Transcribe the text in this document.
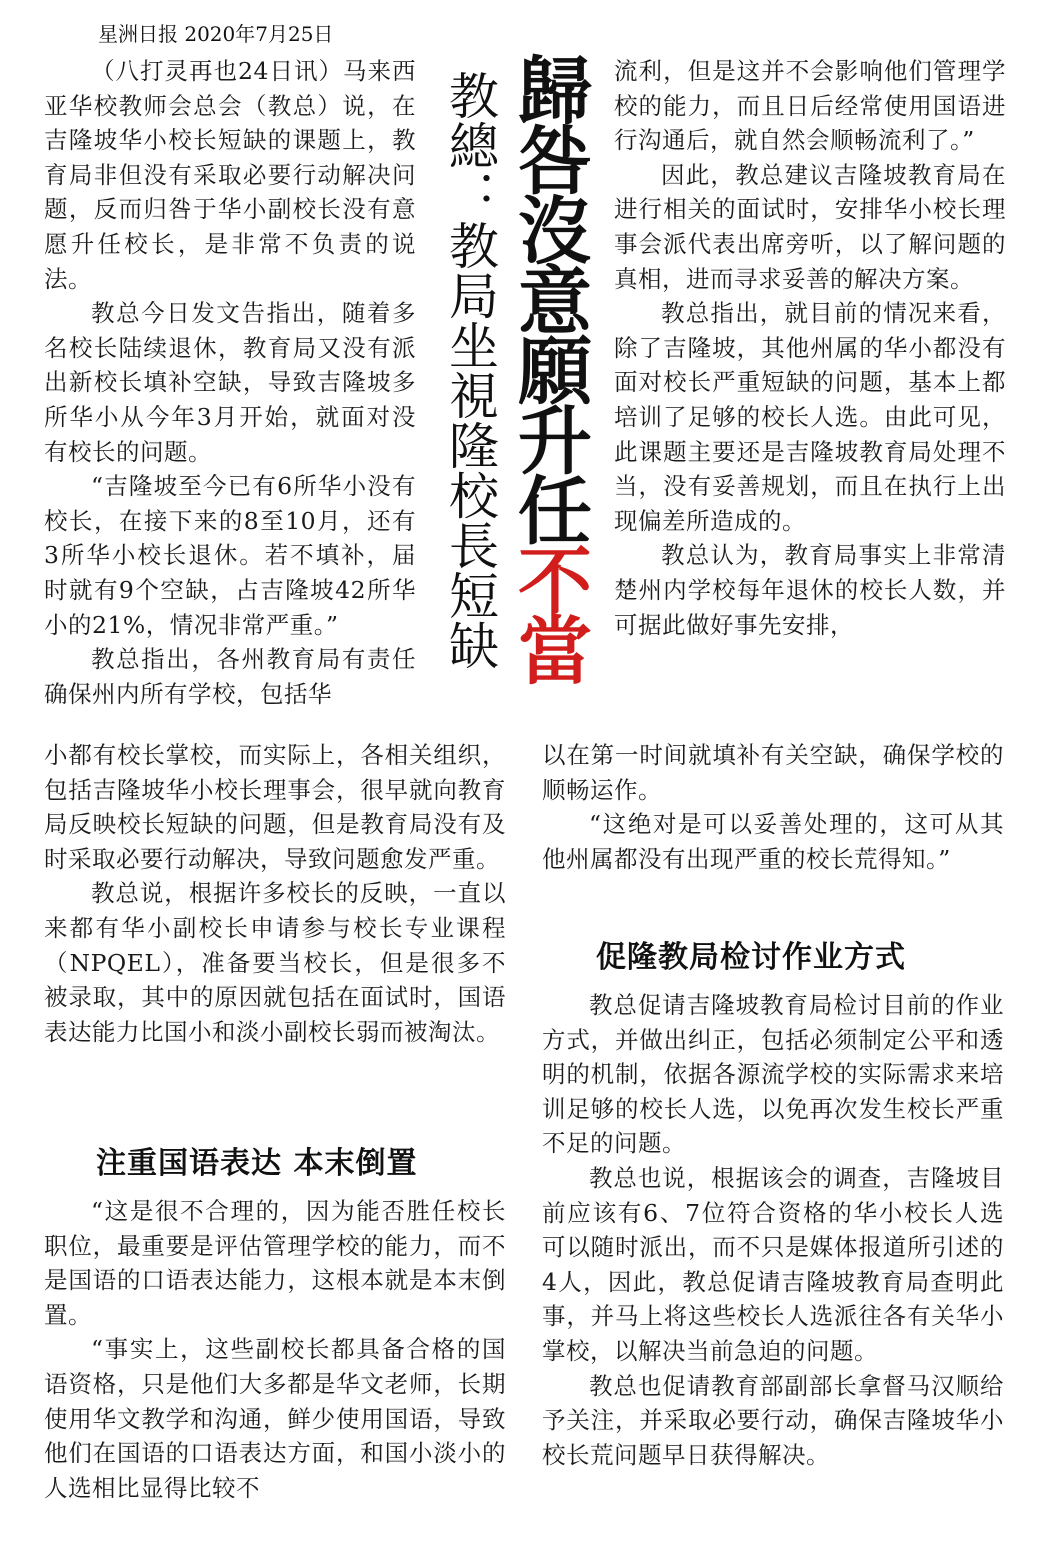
星洲日报 2020年7月25日
教總：教局坐視隆校長短缺 歸咎沒意願升任不當

（八打灵再也24日讯）马来西亚华校教师会总会（教总）说，在吉隆坡华小校长短缺的课题上，教育局非但没有采取必要行动解决问题，反而归咎于华小副校长没有意愿升任校长，是非常不负责的说法。

教总今日发文告指出，随着多名校长陆续退休，教育局又没有派出新校长填补空缺，导致吉隆坡多所华小从今年3月开始，就面对没有校长的问题。

“吉隆坡至今已有6所华小没有校长，在接下来的8至10月，还有3所华小校长退休。若不填补，届时就有9个空缺，占吉隆坡42所华小的21%，情况非常严重。”

教总指出，各州教育局有责任确保州内所有学校，包括华

小都有校长掌校，而实际上，各相关组织，包括吉隆坡华小校长理事会，很早就向教育局反映校长短缺的问题，但是教育局没有及时采取必要行动解决，导致问题愈发严重。

教总说，根据许多校长的反映，一直以来都有华小副校长申请参与校长专业课程（NPQEL），准备要当校长，但是很多不被录取，其中的原因就包括在面试时，国语表达能力比国小和淡小副校长弱而被淘汰。

注重国语表达 本末倒置

“这是很不合理的，因为能否胜任校长职位，最重要是评估管理学校的能力，而不是国语的口语表达能力，这根本就是本末倒置。

“事实上，这些副校长都具备合格的国语资格，只是他们大多都是华文老师，长期使用华文教学和沟通，鲜少使用国语，导致他们在国语的口语表达方面，和国小淡小的人选相比显得比较不

流利，但是这并不会影响他们管理学校的能力，而且日后经常使用国语进行沟通后，就自然会顺畅流利了。”

因此，教总建议吉隆坡教育局在进行相关的面试时，安排华小校长理事会派代表出席旁听，以了解问题的真相，进而寻求妥善的解决方案。

教总指出，就目前的情况来看，除了吉隆坡，其他州属的华小都没有面对校长严重短缺的问题，基本上都培训了足够的校长人选。由此可见，此课题主要还是吉隆坡教育局处理不当，没有妥善规划，而且在执行上出现偏差所造成的。

教总认为，教育局事实上非常清楚州内学校每年退休的校长人数，并可据此做好事先安排，

以在第一时间就填补有关空缺，确保学校的顺畅运作。

“这绝对是可以妥善处理的，这可从其他州属都没有出现严重的校长荒得知。”

促隆教局检讨作业方式

教总促请吉隆坡教育局检讨目前的作业方式，并做出纠正，包括必须制定公平和透明的机制，依据各源流学校的实际需求来培训足够的校长人选，以免再次发生校长严重不足的问题。

教总也说，根据该会的调查，吉隆坡目前应该有6、7位符合资格的华小校长人选可以随时派出，而不只是媒体报道所引述的4人，因此，教总促请吉隆坡教育局查明此事，并马上将这些校长人选派往各有关华小掌校，以解决当前急迫的问题。

教总也促请教育部副部长拿督马汉顺给予关注，并采取必要行动，确保吉隆坡华小校长荒问题早日获得解决。
